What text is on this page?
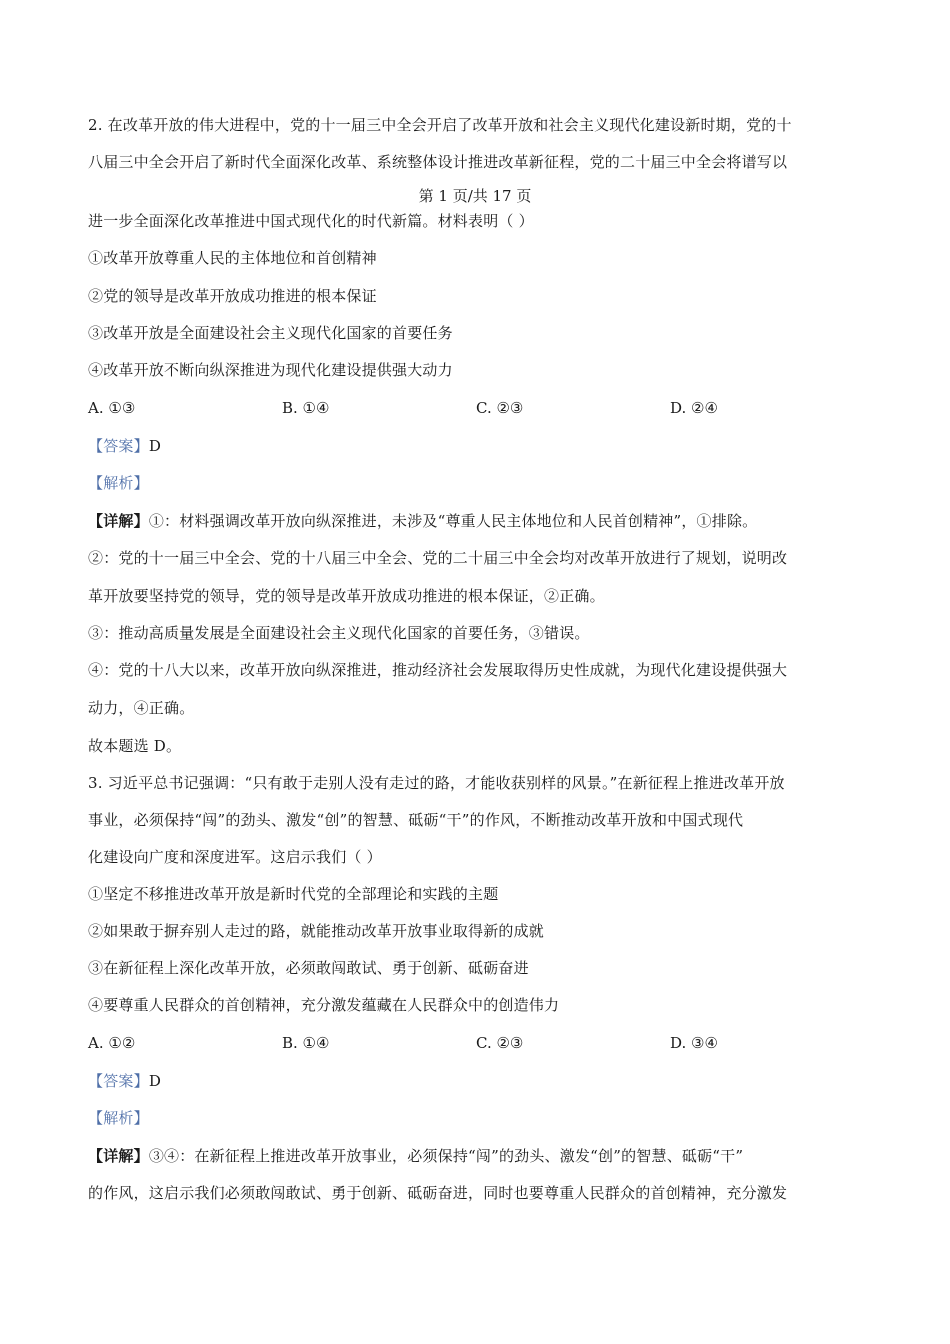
2. 在改革开放的伟大进程中，党的十一届三中全会开启了改革开放和社会主义现代化建设新时期，党的十
八届三中全会开启了新时代全面深化改革、系统整体设计推进改革新征程，党的二十届三中全会将谱写以
第 1 页/共 17 页
进一步全面深化改革推进中国式现代化的时代新篇。材料表明（ ）
①改革开放尊重人民的主体地位和首创精神
②党的领导是改革开放成功推进的根本保证
③改革开放是全面建设社会主义现代化国家的首要任务
④改革开放不断向纵深推进为现代化建设提供强大动力
A. ①③	B. ①④	C. ②③	D. ②④
【答案】D
【解析】
【详解】①：材料强调改革开放向纵深推进，未涉及“尊重人民主体地位和人民首创精神”，①排除。
②：党的十一届三中全会、党的十八届三中全会、党的二十届三中全会均对改革开放进行了规划，说明改
革开放要坚持党的领导，党的领导是改革开放成功推进的根本保证，②正确。
③：推动高质量发展是全面建设社会主义现代化国家的首要任务，③错误。
④：党的十八大以来，改革开放向纵深推进，推动经济社会发展取得历史性成就，为现代化建设提供强大
动力，④正确。
故本题选 D。
3. 习近平总书记强调：“只有敢于走别人没有走过的路，才能收获别样的风景。”在新征程上推进改革开放
事业，必须保持“闯”的劲头、激发“创”的智慧、砥砺“干”的作风，不断推动改革开放和中国式现代
化建设向广度和深度进军。这启示我们（ ）
①坚定不移推进改革开放是新时代党的全部理论和实践的主题
②如果敢于摒弃别人走过的路，就能推动改革开放事业取得新的成就
③在新征程上深化改革开放，必须敢闯敢试、勇于创新、砥砺奋进
④要尊重人民群众的首创精神，充分激发蕴藏在人民群众中的创造伟力
A. ①②	B. ①④	C. ②③	D. ③④
【答案】D
【解析】
【详解】③④：在新征程上推进改革开放事业，必须保持“闯”的劲头、激发“创”的智慧、砥砺“干”
的作风，这启示我们必须敢闯敢试、勇于创新、砥砺奋进，同时也要尊重人民群众的首创精神，充分激发
